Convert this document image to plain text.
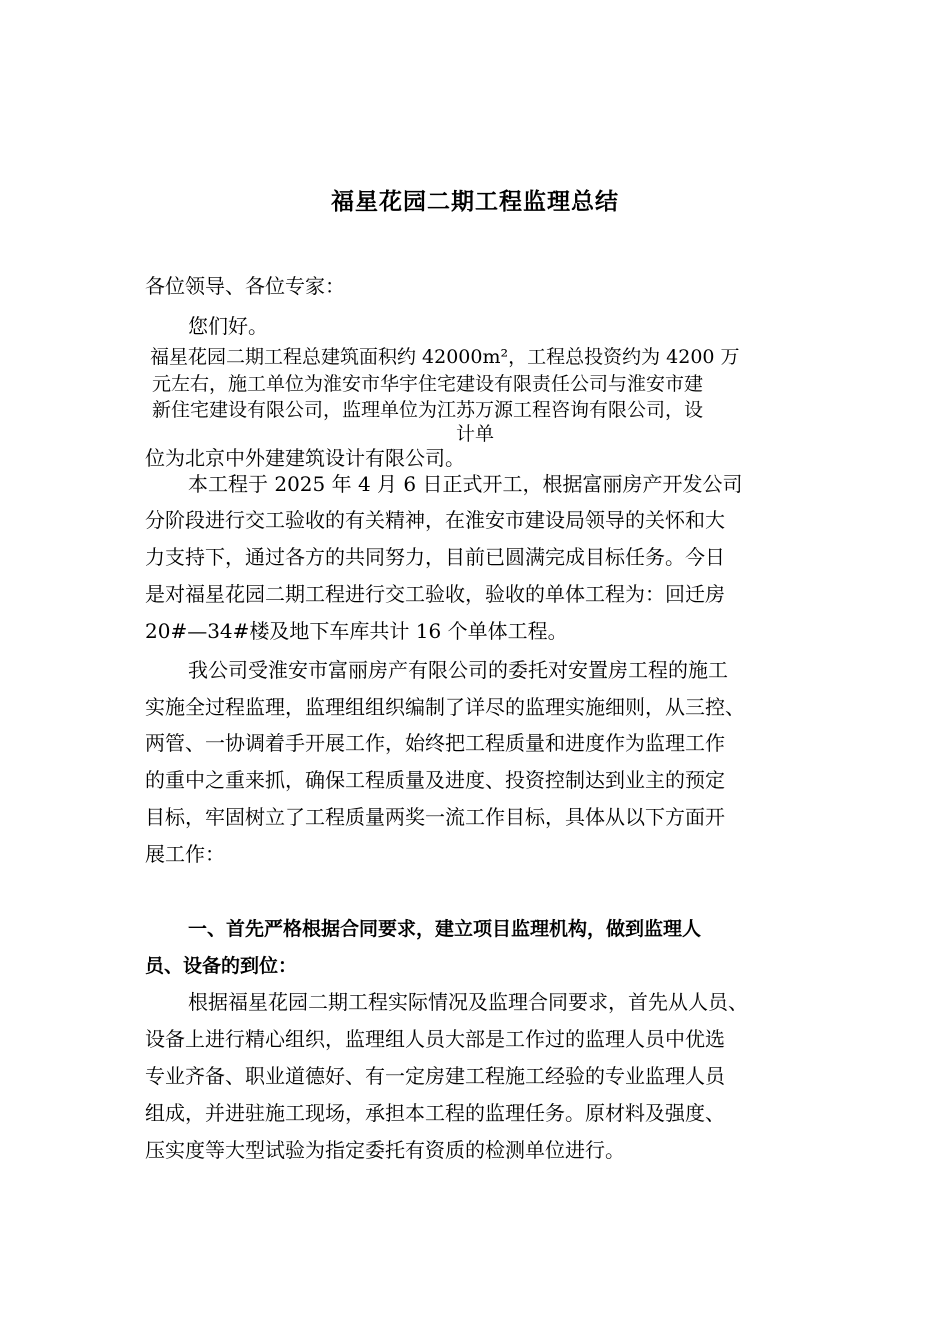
福星花园二期工程监理总结
各位领导、各位专家：
您们好。
福星花园二期工程总建筑面积约 42000m²，工程总投资约为 4200 万
元左右，施工单位为淮安市华宇住宅建设有限责任公司与淮安市建
新住宅建设有限公司，监理单位为江苏万源工程咨询有限公司，设
计单
位为北京中外建建筑设计有限公司。
本工程于 2025 年 4 月 6 日正式开工，根据富丽房产开发公司
分阶段进行交工验收的有关精神，在淮安市建设局领导的关怀和大
力支持下，通过各方的共同努力，目前已圆满完成目标任务。今日
是对福星花园二期工程进行交工验收，验收的单体工程为：回迁房
20#—34#楼及地下车库共计 16 个单体工程。
我公司受淮安市富丽房产有限公司的委托对安置房工程的施工
实施全过程监理，监理组组织编制了详尽的监理实施细则，从三控、
两管、一协调着手开展工作，始终把工程质量和进度作为监理工作
的重中之重来抓，确保工程质量及进度、投资控制达到业主的预定
目标，牢固树立了工程质量两奖一流工作目标，具体从以下方面开
展工作：
一、首先严格根据合同要求，建立项目监理机构，做到监理人
员、设备的到位：
根据福星花园二期工程实际情况及监理合同要求，首先从人员、
设备上进行精心组织，监理组人员大部是工作过的监理人员中优选
专业齐备、职业道德好、有一定房建工程施工经验的专业监理人员
组成，并进驻施工现场，承担本工程的监理任务。原材料及强度、
压实度等大型试验为指定委托有资质的检测单位进行。
